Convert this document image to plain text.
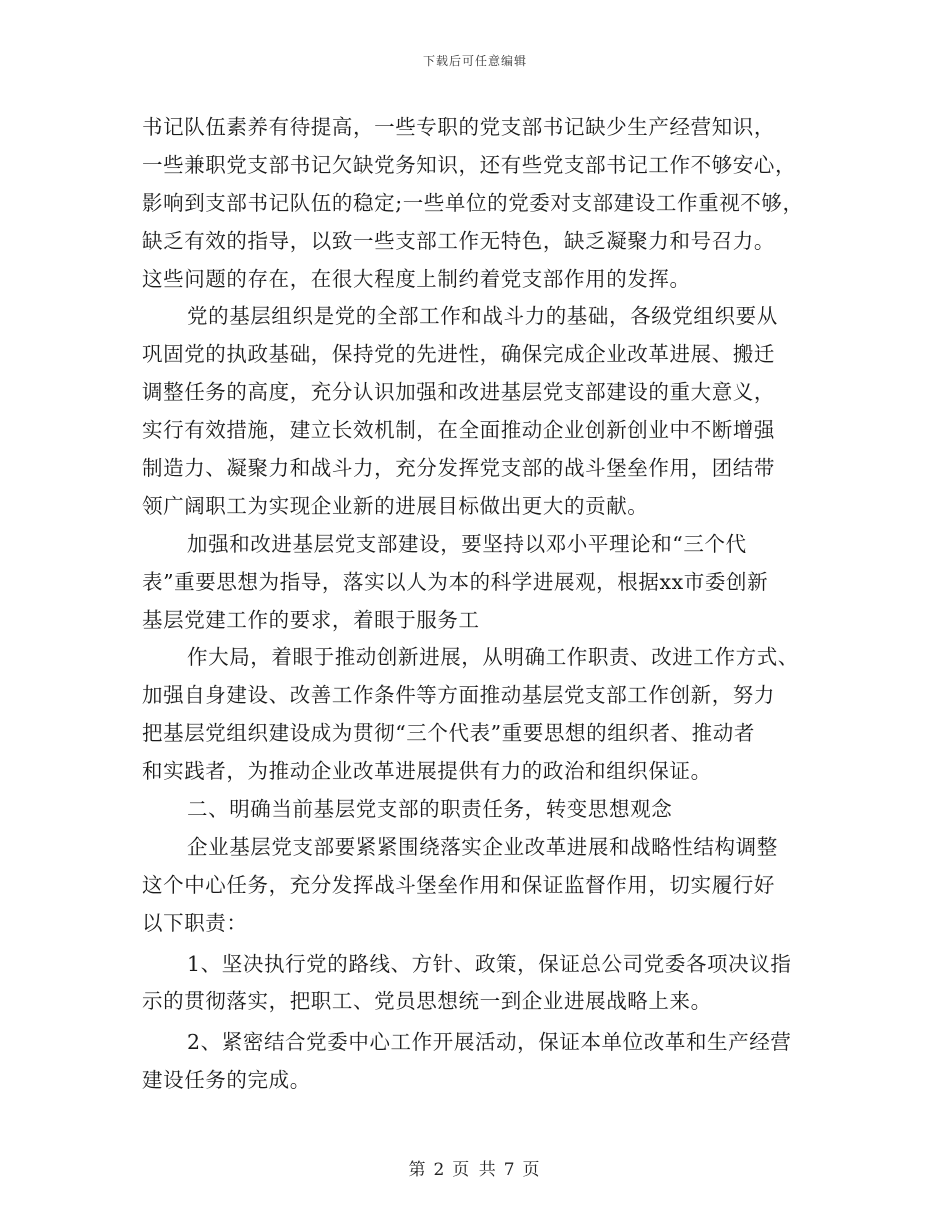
下载后可任意编辑
书记队伍素养有待提高，一些专职的党支部书记缺少生产经营知识，
一些兼职党支部书记欠缺党务知识，还有些党支部书记工作不够安心，
影响到支部书记队伍的稳定;一些单位的党委对支部建设工作重视不够，
缺乏有效的指导，以致一些支部工作无特色，缺乏凝聚力和号召力。
这些问题的存在，在很大程度上制约着党支部作用的发挥。
党的基层组织是党的全部工作和战斗力的基础，各级党组织要从
巩固党的执政基础，保持党的先进性，确保完成企业改革进展、搬迁
调整任务的高度，充分认识加强和改进基层党支部建设的重大意义，
实行有效措施，建立长效机制，在全面推动企业创新创业中不断增强
制造力、凝聚力和战斗力，充分发挥党支部的战斗堡垒作用，团结带
领广阔职工为实现企业新的进展目标做出更大的贡献。
加强和改进基层党支部建设，要坚持以邓小平理论和“三个代
表”重要思想为指导，落实以人为本的科学进展观，根据xx市委创新
基层党建工作的要求，着眼于服务工
作大局，着眼于推动创新进展，从明确工作职责、改进工作方式、
加强自身建设、改善工作条件等方面推动基层党支部工作创新，努力
把基层党组织建设成为贯彻“三个代表”重要思想的组织者、推动者
和实践者，为推动企业改革进展提供有力的政治和组织保证。
二、明确当前基层党支部的职责任务，转变思想观念
企业基层党支部要紧紧围绕落实企业改革进展和战略性结构调整
这个中心任务，充分发挥战斗堡垒作用和保证监督作用，切实履行好
以下职责：
1、坚决执行党的路线、方针、政策，保证总公司党委各项决议指
示的贯彻落实，把职工、党员思想统一到企业进展战略上来。
2、紧密结合党委中心工作开展活动，保证本单位改革和生产经营
建设任务的完成。
第 2 页 共 7 页
